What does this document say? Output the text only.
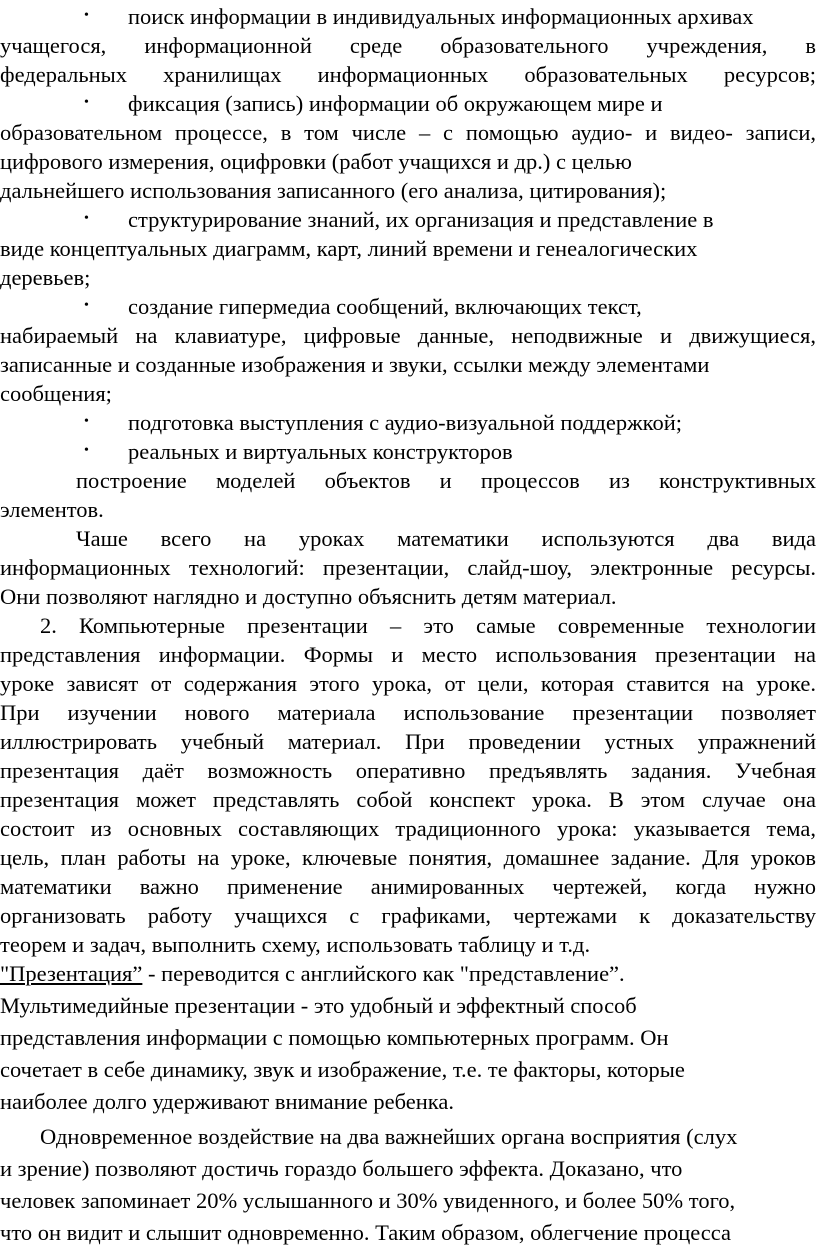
• поиск информации в индивидуальных информационных архивах
учащегося, информационной среде образовательного учреждения, в
федеральных хранилищах информационных образовательных ресурсов;
• фиксация (запись) информации об окружающем мире и
образовательном процессе, в том числе – с помощью аудио- и видео- записи,
цифрового измерения, оцифровки (работ учащихся и др.) с целью
дальнейшего использования записанного (его анализа, цитирования);
• структурирование знаний, их организация и представление в
виде концептуальных диаграмм, карт, линий времени и генеалогических
деревьев;
• создание гипермедиа сообщений, включающих текст,
набираемый на клавиатуре, цифровые данные, неподвижные и движущиеся,
записанные и созданные изображения и звуки, ссылки между элементами
сообщения;
• подготовка выступления с аудио-визуальной поддержкой;
• реальных и виртуальных конструкторов
построение моделей объектов и процессов из конструктивных
элементов.
Чаше всего на уроках математики используются два вида
информационных технологий: презентации, слайд-шоу, электронные ресурсы.
Они позволяют наглядно и доступно объяснить детям материал.
2. Компьютерные презентации – это самые современные технологии
представления информации. Формы и место использования презентации на
уроке зависят от содержания этого урока, от цели, которая ставится на уроке.
При изучении нового материала использование презентации позволяет
иллюстрировать учебный материал. При проведении устных упражнений
презентация даёт возможность оперативно предъявлять задания. Учебная
презентация может представлять собой конспект урока. В этом случае она
состоит из основных составляющих традиционного урока: указывается тема,
цель, план работы на уроке, ключевые понятия, домашнее задание. Для уроков
математики важно применение анимированных чертежей, когда нужно
организовать работу учащихся с графиками, чертежами к доказательству
теорем и задач, выполнить схему, использовать таблицу и т.д.
"Презентация” - переводится с английского как "представление”.
Мультимедийные презентации - это удобный и эффектный способ
представления информации с помощью компьютерных программ. Он
сочетает в себе динамику, звук и изображение, т.е. те факторы, которые
наиболее долго удерживают внимание ребенка.
Одновременное воздействие на два важнейших органа восприятия (слух
и зрение) позволяют достичь гораздо большего эффекта. Доказано, что
человек запоминает 20% услышанного и 30% увиденного, и более 50% того,
что он видит и слышит одновременно. Таким образом, облегчение процесса
